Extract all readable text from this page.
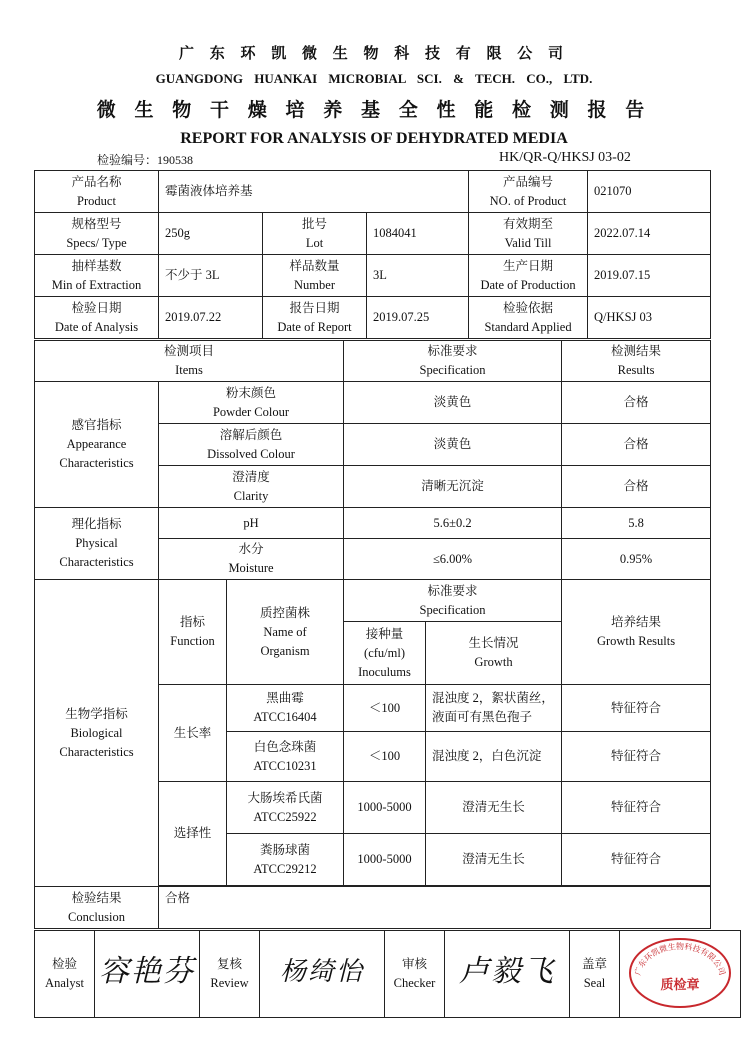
广 东 环 凯 微 生 物 科 技 有 限 公 司
GUANGDONG HUANKAI MICROBIAL SCI. & TECH. CO., LTD.
微 生 物 干 燥 培 养 基 全 性 能 检 测 报 告
REPORT FOR ANALYSIS OF DEHYDRATED MEDIA
检验编号：190538	HK/QR-Q/HKSJ 03-02
产品名称
Product	霉菌液体培养基			产品编号
NO. of Product	021070

规格型号
Specs/ Type	250g	批号
Lot	1084041	有效期至
Valid Till	2022.07.14

抽样基数
Min of Extraction	不少于 3L	样品数量
Number	3L	生产日期
Date of Production	2019.07.15

检验日期
Date of Analysis	2019.07.22	报告日期
Date of Report	2019.07.25	检验依据
Standard Applied	Q/HKSJ 03
检测项目
Items			标准要求
Specification		检测结果
Results

感官指标
Appearance
Characteristics	粉末颜色
Powder Colour		淡黄色		合格

	溶解后颜色
Dissolved Colour		淡黄色		合格

	澄清度
Clarity		清晰无沉淀		合格

理化指标
Physical
Characteristics	pH		5.6±0.2		5.8

	水分
Moisture		≤6.00%		0.95%

生物学指标
Biological
Characteristics	指标
Function	质控菌株
Name of
Organism	标准要求
Specification		培养结果
Growth Results

			接种量
(cfu/ml)
Inoculums	生长情况
Growth	

	生长率	黑曲霉
ATCC16404	＜100	混浊度 2，絮状菌丝，
液面可有黑色孢子	特征符合

		白色念珠菌
ATCC10231	＜100	混浊度 2，白色沉淀	特征符合
	选择性	大肠埃希氏菌
ATCC25922	1000-5000	澄清无生长	特征符合

		粪肠球菌
ATCC29212	1000-5000	澄清无生长	特征符合

检验结果
Conclusion	合格				
检验
Analyst	容艳芬	复核
Review	杨绮怡	审核
Checker	卢毅飞	盖章
Seal

广东环凯微生物科技有限公司
质检章
